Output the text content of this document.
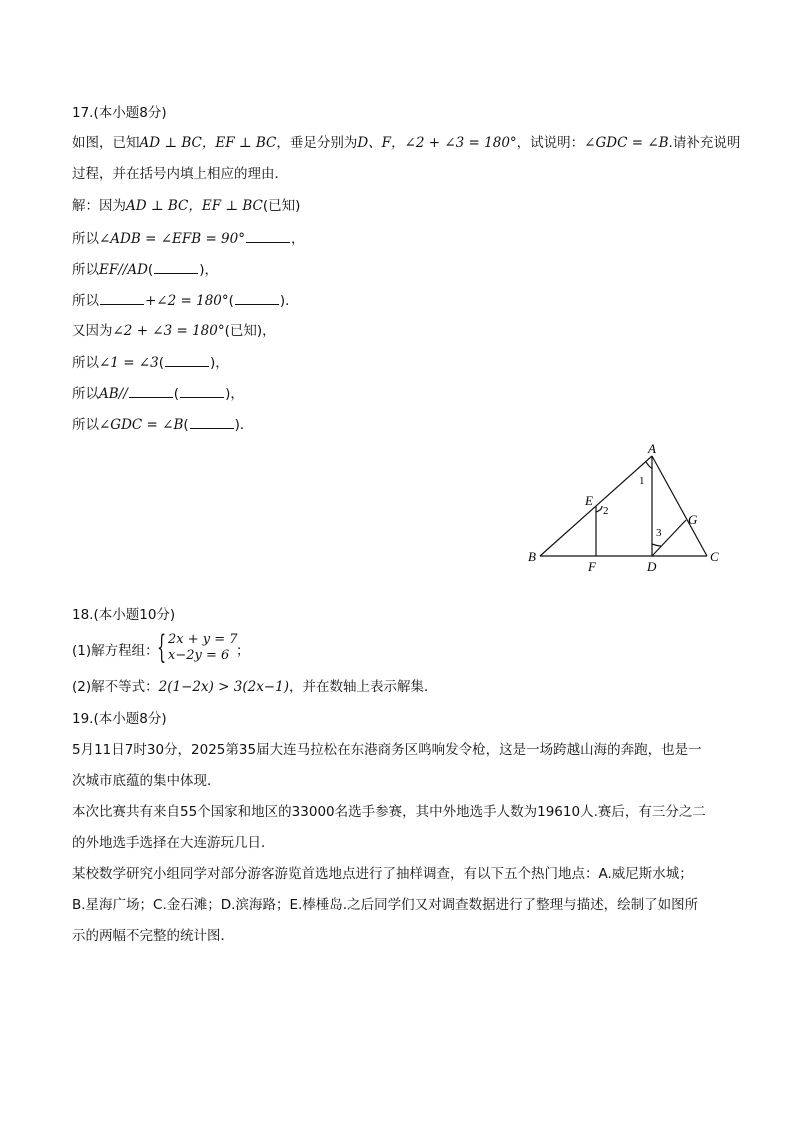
17.(本小题8分)
如图，已知AD ⊥ BC，EF ⊥ BC，垂足分别为D、F，∠2 + ∠3 = 180°，试说明：∠GDC = ∠B.请补充说明
过程，并在括号内填上相应的理由．
解：因为AD ⊥ BC，EF ⊥ BC(已知)
所以∠ADB = ∠EFB = 90°	，
所以EF//AD(	)，
所以	+∠2 = 180°(	)．
又因为∠2 + ∠3 = 180°(已知)，
所以∠1 = ∠3(	)，
所以AB//	(	)，
所以∠GDC = ∠B(	)．
A
B	C
D
E
F
G
1
2
3
18.(本小题10分)
(1)解方程组：
{ 2x + y = 7
x−2y = 6 ；
(2)解不等式：2(1−2x) > 3(2x−1)，并在数轴上表示解集．
19.(本小题8分)
5月11日7时30分，2025第35届大连马拉松在东港商务区鸣响发令枪，这是一场跨越山海的奔跑，也是一
次城市底蕴的集中体现．
本次比赛共有来自55个国家和地区的33000名选手参赛，其中外地选手人数为19610人.赛后，有三分之二
的外地选手选择在大连游玩几日．
某校数学研究小组同学对部分游客游览首选地点进行了抽样调查，有以下五个热门地点：A.威尼斯水城；
B.星海广场；C.金石滩；D.滨海路；E.棒棰岛.之后同学们又对调查数据进行了整理与描述，绘制了如图所
示的两幅不完整的统计图．
